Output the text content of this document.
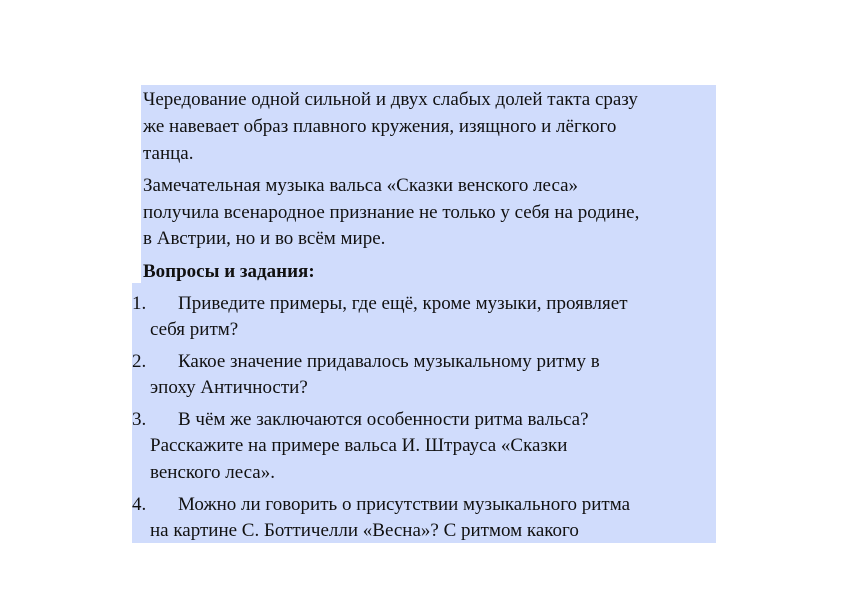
Чередование одной сильной и двух слабых долей такта сразу
же навевает образ плавного кружения, изящного и лёгкого
танца.
Замечательная музыка вальса «Сказки венского леса»
получила всенародное признание не только у себя на родине,
в Австрии, но и во всём мире.
Вопросы и задания:
1. Приведите примеры, где ещё, кроме музыки, проявляет
себя ритм?
2. Какое значение придавалось музыкальному ритму в
эпоху Античности?
3. В чём же заключаются особенности ритма вальса?
Расскажите на примере вальса И. Штрауса «Сказки
венского леса».
4. Можно ли говорить о присутствии музыкального ритма
на картине С. Боттичелли «Весна»? С ритмом какого
